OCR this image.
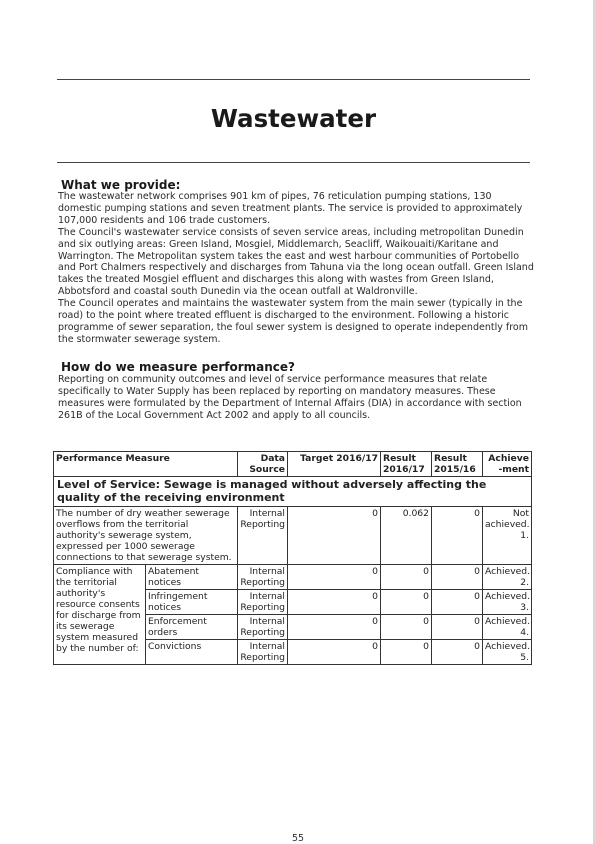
Wastewater
What we provide:

The wastewater network comprises 901 km of pipes, 76 reticulation pumping stations, 130 domestic pumping stations and seven treatment plants. The service is provided to approximately 107,000 residents and 106 trade customers.

The Council's wastewater service consists of seven service areas, including metropolitan Dunedin and six outlying areas: Green Island, Mosgiel, Middlemarch, Seacliff, Waikouaiti/Karitane and Warrington. The Metropolitan system takes the east and west harbour communities of Portobello and Port Chalmers respectively and discharges from Tahuna via the long ocean outfall. Green Island takes the treated Mosgiel effluent and discharges this along with wastes from Green Island, Abbotsford and coastal south Dunedin via the ocean outfall at Waldronville.

The Council operates and maintains the wastewater system from the main sewer (typically in the road) to the point where treated effluent is discharged to the environment. Following a historic programme of sewer separation, the foul sewer system is designed to operate independently from the stormwater sewerage system.

How do we measure performance?

Reporting on community outcomes and level of service performance measures that relate specifically to Water Supply has been replaced by reporting on mandatory measures. These measures were formulated by the Department of Internal Affairs (DIA) in accordance with section 261B of the Local Government Act 2002 and apply to all councils.

Performance Measure		Data Source	Target 2016/17	Result 2016/17	Result 2015/16	Achieve -ment
Level of Service: Sewage is managed without adversely affecting the quality of the receiving environment						
The number of dry weather sewerage overflows from the territorial authority's sewerage system, expressed per 1000 sewerage connections to that sewerage system.		Internal Reporting	0	0.062	0	Not achieved. 1.
Compliance with the territorial authority's resource consents for discharge from its sewerage system measured by the number of:	Abatement notices	Internal Reporting	0	0	0	Achieved. 2.
	Infringement notices	Internal Reporting	0	0	0	Achieved. 3.
	Enforcement orders	Internal Reporting	0	0	0	Achieved. 4.
	Convictions	Internal Reporting	0	0	0	Achieved. 5.
55
